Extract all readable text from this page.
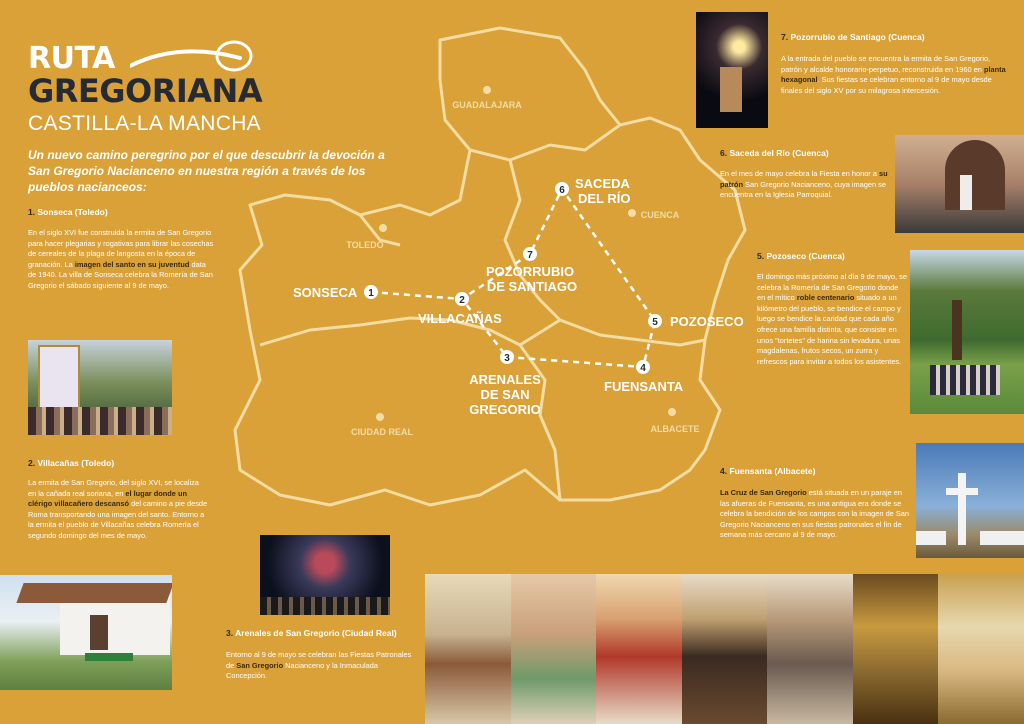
GUADALAJARA
TOLEDO
CUENCA
CIUDAD REAL	ALBACETE
1
2
3
4
5
6
7
SONSECA
VILLACAÑAS
ARENALES DE SAN GREGORIO
FUENSANTA
POZOSECO
SACEDA DEL RÍO
POZORRUBIO DE SANTIAGO
RUTA
GREGORIANA
CASTILLA-LA MANCHA
Un nuevo camino peregrino por el que descubrir la devoción a San Gregorio Nacianceno en nuestra región a través de los pueblos nacianceos:
1. Sonseca (Toledo)
En el siglo XVI fue construida la ermita de San Gregorio para hacer plegarias y rogativas para librar las cosechas de cereales de la plaga de langosta en la época de granación. La imagen del santo en su juventud data de 1940. La villa de Sonseca celebra la Romería de San Gregorio el sábado siguiente al 9 de mayo.
2. Villacañas (Toledo)
La ermita de San Gregorio, del siglo XVI, se localiza en la cañada real soriana, en el lugar donde un clérigo villacañero descansó del camino a pie desde Roma transportando una imagen del santo. Entorno a la ermita el pueblo de Villacañas celebra Romería el segundo domingo del mes de mayo.
3. Arenales de San Gregorio (Ciudad Real)
Entorno al 9 de mayo se celebran las Fiestas Patronales de San Gregorio Nacianceno y la Inmaculada Concepción.
7. Pozorrubio de Santiago (Cuenca)
A la entrada del pueblo se encuentra la ermita de San Gregorio, patrón y alcalde honorario-perpetuo, reconstruida en 1960 en planta hexagonal. Sus fiestas se celebran entorno al 9 de mayo desde finales del siglo XV por su milagrosa intercesión.
6. Saceda del Río (Cuenca)
En el mes de mayo celebra la Fiesta en honor a su patrón San Gregorio Nacianceno, cuya imagen se encuentra en la Iglesia Parroquial.
5. Pozoseco (Cuenca)
El domingo más próximo al día 9 de mayo, se celebra la Romería de San Gregorio donde en el mítico roble centenario situado a un kilómetro del pueblo, se bendice el campo y luego se bendice la caridad que cada año ofrece una familia distinta, que consiste en unos "tortetes" de harina sin levadura, unas magdalenas, frutos secos, un zurra y refrescos para invitar a todos los asistentes.
4. Fuensanta (Albacete)
La Cruz de San Gregorio está situada en un paraje en las afueras de Fuensanta, es una antigua era donde se celebra la bendición de los campos con la imagen de San Gregorio Nacianceno en sus fiestas patronales el fin de semana más cercano al 9 de mayo.
